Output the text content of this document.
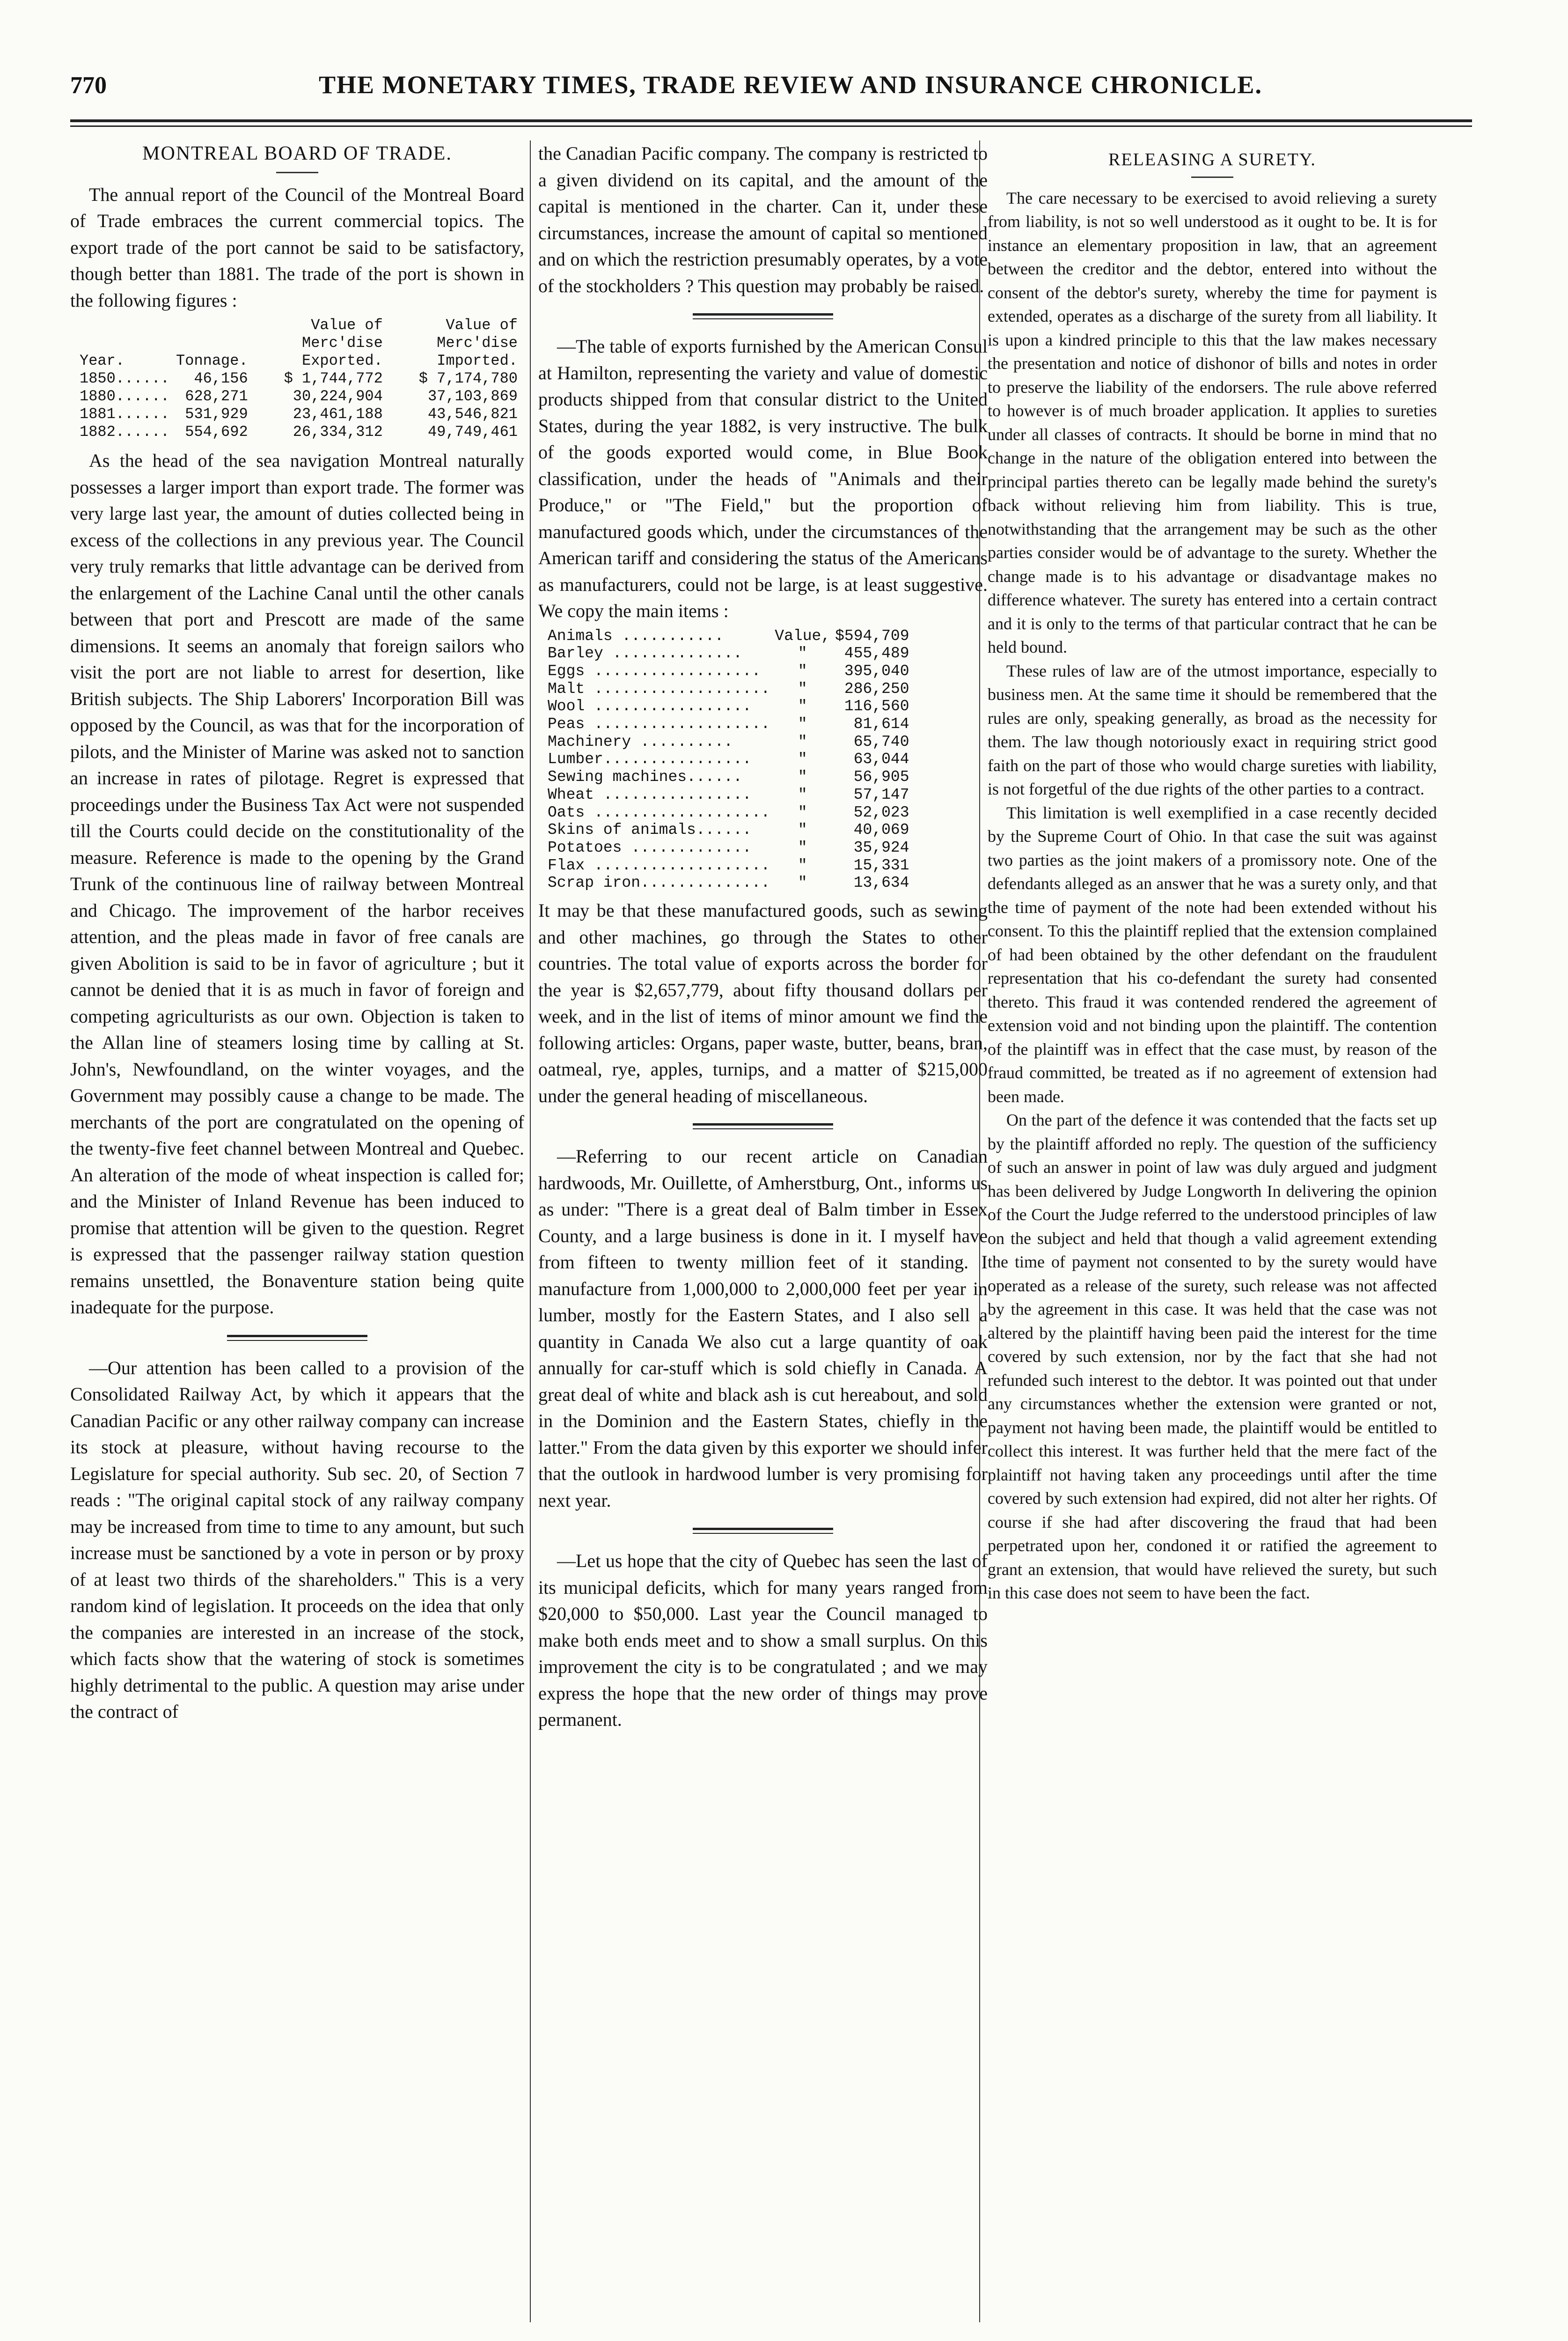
770	THE MONETARY TIMES, TRADE REVIEW AND INSURANCE CHRONICLE.
MONTREAL BOARD OF TRADE.

The annual report of the Council of the Montreal Board of Trade embraces the current commercial topics. The export trade of the port cannot be said to be satisfactory, though better than 1881. The trade of the port is shown in the following figures :

Year.	Tonnage.	Value of Merc'dise Exported.	Value of Merc'dise Imported.
1850......	46,156	$ 1,744,772	$ 7,174,780
1880......	628,271	30,224,904	37,103,869
1881......	531,929	23,461,188	43,546,821
1882......	554,692	26,334,312	49,749,461

As the head of the sea navigation Montreal naturally possesses a larger import than export trade. The former was very large last year, the amount of duties collected being in excess of the collections in any previous year. The Council very truly remarks that little advantage can be derived from the enlargement of the Lachine Canal until the other canals between that port and Prescott are made of the same dimensions. It seems an anomaly that foreign sailors who visit the port are not liable to arrest for desertion, like British subjects. The Ship Laborers' Incorporation Bill was opposed by the Council, as was that for the incorporation of pilots, and the Minister of Marine was asked not to sanction an increase in rates of pilotage. Regret is expressed that proceedings under the Business Tax Act were not suspended till the Courts could decide on the constitutionality of the measure. Reference is made to the opening by the Grand Trunk of the continuous line of railway between Montreal and Chicago. The improvement of the harbor receives attention, and the pleas made in favor of free canals are given Abolition is said to be in favor of agriculture ; but it cannot be denied that it is as much in favor of foreign and competing agriculturists as our own. Objection is taken to the Allan line of steamers losing time by calling at St. John's, Newfoundland, on the winter voyages, and the Government may possibly cause a change to be made. The merchants of the port are congratulated on the opening of the twenty-five feet channel between Montreal and Quebec. An alteration of the mode of wheat inspection is called for; and the Minister of Inland Revenue has been induced to promise that attention will be given to the question. Regret is expressed that the passenger railway station question remains unsettled, the Bonaventure station being quite inadequate for the purpose.

—Our attention has been called to a provision of the Consolidated Railway Act, by which it appears that the Canadian Pacific or any other railway company can increase its stock at pleasure, without having recourse to the Legislature for special authority. Sub sec. 20, of Section 7 reads : "The original capital stock of any railway company may be increased from time to time to any amount, but such increase must be sanctioned by a vote in person or by proxy of at least two thirds of the shareholders." This is a very random kind of legislation. It proceeds on the idea that only the companies are interested in an increase of the stock, which facts show that the watering of stock is sometimes highly detrimental to the public. A question may arise under the contract of

the Canadian Pacific company. The company is restricted to a given dividend on its capital, and the amount of the capital is mentioned in the charter. Can it, under these circumstances, increase the amount of capital so mentioned and on which the restriction presumably operates, by a vote of the stockholders ? This question may probably be raised.

—The table of exports furnished by the American Consul at Hamilton, representing the variety and value of domestic products shipped from that consular district to the United States, during the year 1882, is very instructive. The bulk of the goods exported would come, in Blue Book classification, under the heads of "Animals and their Produce," or "The Field," but the proportion of manufactured goods which, under the circumstances of the American tariff and considering the status of the Americans as manufacturers, could not be large, is at least suggestive. We copy the main items :

Animals ...........	Value,	$594,709
Barley ..............	"	455,489
Eggs ..................	"	395,040
Malt ...................	"	286,250
Wool .................	"	116,560
Peas ...................	"	81,614
Machinery ..........	"	65,740
Lumber................	"	63,044
Sewing machines......	"	56,905
Wheat ................	"	57,147
Oats ...................	"	52,023
Skins of animals......	"	40,069
Potatoes .............	"	35,924
Flax ...................	"	15,331
Scrap iron..............	"	13,634

It may be that these manufactured goods, such as sewing and other machines, go through the States to other countries. The total value of exports across the border for the year is $2,657,779, about fifty thousand dollars per week, and in the list of items of minor amount we find the following articles: Organs, paper waste, butter, beans, bran, oatmeal, rye, apples, turnips, and a matter of $215,000 under the general heading of miscellaneous.

—Referring to our recent article on Canadian hardwoods, Mr. Ouillette, of Amherstburg, Ont., informs us as under: "There is a great deal of Balm timber in Essex County, and a large business is done in it. I myself have from fifteen to twenty million feet of it standing. I manufacture from 1,000,000 to 2,000,000 feet per year in lumber, mostly for the Eastern States, and I also sell a quantity in Canada We also cut a large quantity of oak annually for car-stuff which is sold chiefly in Canada. A great deal of white and black ash is cut hereabout, and sold in the Dominion and the Eastern States, chiefly in the latter." From the data given by this exporter we should infer that the outlook in hardwood lumber is very promising for next year.

—Let us hope that the city of Quebec has seen the last of its municipal deficits, which for many years ranged from $20,000 to $50,000. Last year the Council managed to make both ends meet and to show a small surplus. On this improvement the city is to be congratulated ; and we may express the hope that the new order of things may prove permanent.

RELEASING A SURETY.

The care necessary to be exercised to avoid relieving a surety from liability, is not so well understood as it ought to be. It is for instance an elementary proposition in law, that an agreement between the creditor and the debtor, entered into without the consent of the debtor's surety, whereby the time for payment is extended, operates as a discharge of the surety from all liability. It is upon a kindred principle to this that the law makes necessary the presentation and notice of dishonor of bills and notes in order to preserve the liability of the endorsers. The rule above referred to however is of much broader application. It applies to sureties under all classes of contracts. It should be borne in mind that no change in the nature of the obligation entered into between the principal parties thereto can be legally made behind the surety's back without relieving him from liability. This is true, notwithstanding that the arrangement may be such as the other parties consider would be of advantage to the surety. Whether the change made is to his advantage or disadvantage makes no difference whatever. The surety has entered into a certain contract and it is only to the terms of that particular contract that he can be held bound.

These rules of law are of the utmost importance, especially to business men. At the same time it should be remembered that the rules are only, speaking generally, as broad as the necessity for them. The law though notoriously exact in requiring strict good faith on the part of those who would charge sureties with liability, is not forgetful of the due rights of the other parties to a contract.

This limitation is well exemplified in a case recently decided by the Supreme Court of Ohio. In that case the suit was against two parties as the joint makers of a promissory note. One of the defendants alleged as an answer that he was a surety only, and that the time of payment of the note had been extended without his consent. To this the plaintiff replied that the extension complained of had been obtained by the other defendant on the fraudulent representation that his co-defendant the surety had consented thereto. This fraud it was contended rendered the agreement of extension void and not binding upon the plaintiff. The contention of the plaintiff was in effect that the case must, by reason of the fraud committed, be treated as if no agreement of extension had been made.

On the part of the defence it was contended that the facts set up by the plaintiff afforded no reply. The question of the sufficiency of such an answer in point of law was duly argued and judgment has been delivered by Judge Longworth In delivering the opinion of the Court the Judge referred to the understood principles of law on the subject and held that though a valid agreement extending the time of payment not consented to by the surety would have operated as a release of the surety, such release was not affected by the agreement in this case. It was held that the case was not altered by the plaintiff having been paid the interest for the time covered by such extension, nor by the fact that she had not refunded such interest to the debtor. It was pointed out that under any circumstances whether the extension were granted or not, payment not having been made, the plaintiff would be entitled to collect this interest. It was further held that the mere fact of the plaintiff not having taken any proceedings until after the time covered by such extension had expired, did not alter her rights. Of course if she had after discovering the fraud that had been perpetrated upon her, condoned it or ratified the agreement to grant an extension, that would have relieved the surety, but such in this case does not seem to have been the fact.
